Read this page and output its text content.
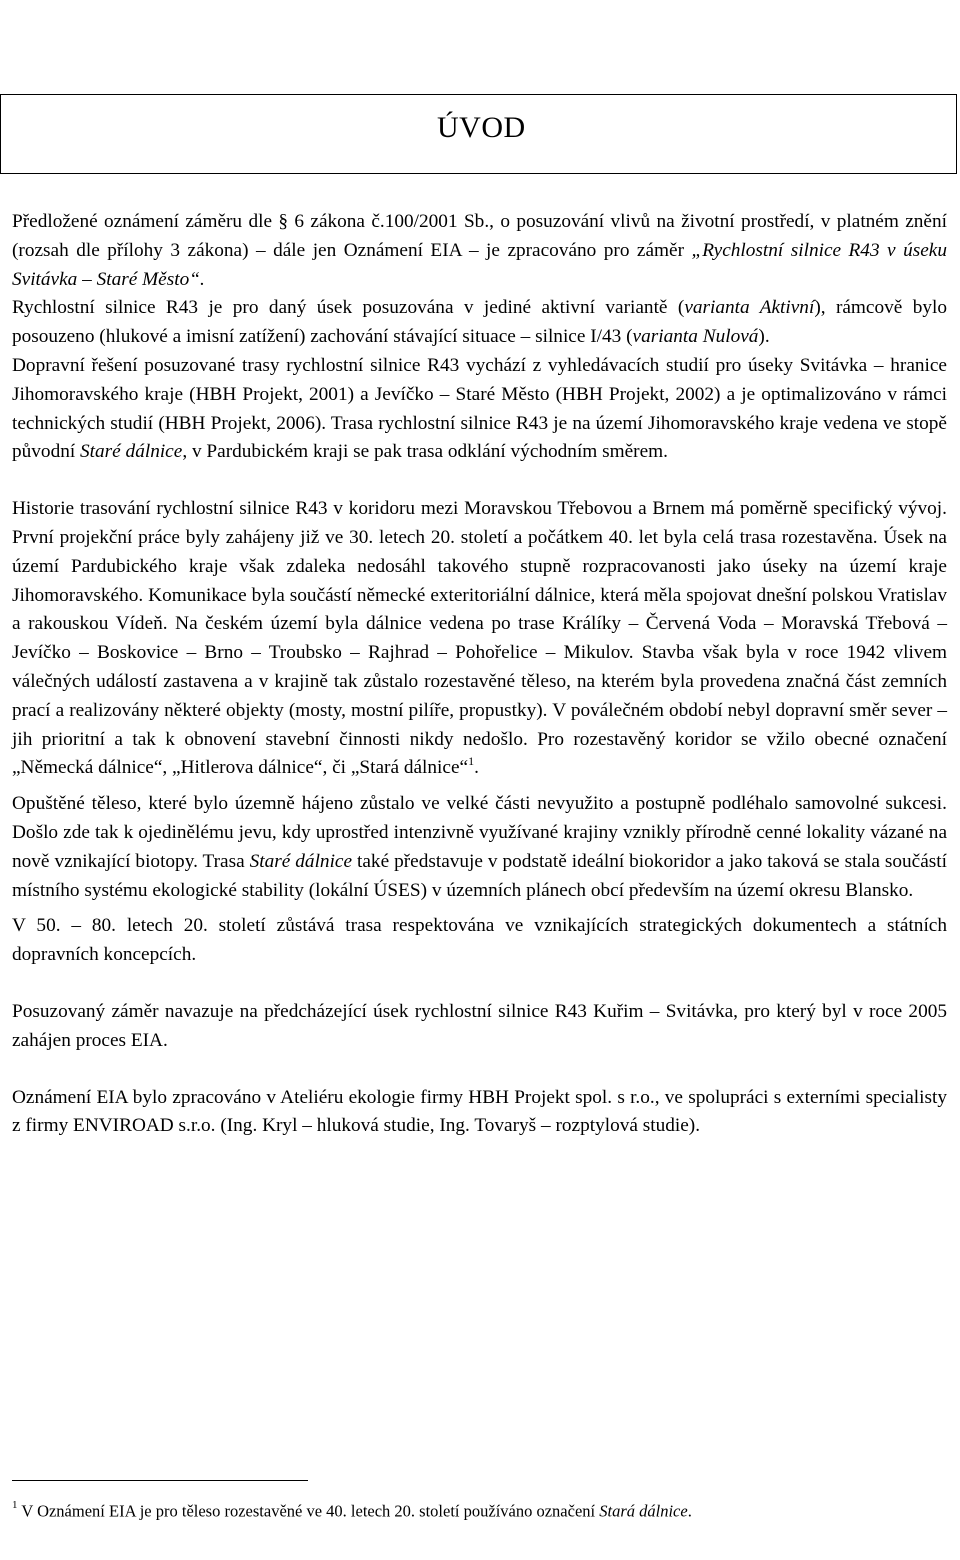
Rychlostní silnice R43 v úseku Svitávka – Staré Město
Oznámení dle § 6 zákona č.100/2001 Sb., o posuzování vlivů na životní prostředí
ÚVOD

Předložené oznámení záměru dle § 6 zákona č.100/2001 Sb., o posuzování vlivů na životní prostředí, v platném znění (rozsah dle přílohy 3 zákona) – dále jen Oznámení EIA – je zpracováno pro záměr „Rychlostní silnice R43 v úseku Svitávka – Staré Město“.

Rychlostní silnice R43 je pro daný úsek posuzována v jediné aktivní variantě (varianta Aktivní), rámcově bylo posouzeno (hlukové a imisní zatížení) zachování stávající situace – silnice I/43 (varianta Nulová).

Dopravní řešení posuzované trasy rychlostní silnice R43 vychází z vyhledávacích studií pro úseky Svitávka – hranice Jihomoravského kraje (HBH Projekt, 2001) a Jevíčko – Staré Město (HBH Projekt, 2002) a je optimalizováno v rámci technických studií (HBH Projekt, 2006). Trasa rychlostní silnice R43 je na území Jihomoravského kraje vedena ve stopě původní Staré dálnice, v Pardubickém kraji se pak trasa odklání východním směrem.

Historie trasování rychlostní silnice R43 v koridoru mezi Moravskou Třebovou a Brnem má poměrně specifický vývoj. První projekční práce byly zahájeny již ve 30. letech 20. století a počátkem 40. let byla celá trasa rozestavěna. Úsek na území Pardubického kraje však zdaleka nedosáhl takového stupně rozpracovanosti jako úseky na území kraje Jihomoravského. Komunikace byla součástí německé exteritoriální dálnice, která měla spojovat dnešní polskou Vratislav a rakouskou Vídeň. Na českém území byla dálnice vedena po trase Králíky – Červená Voda – Moravská Třebová – Jevíčko – Boskovice – Brno – Troubsko – Rajhrad – Pohořelice – Mikulov. Stavba však byla v roce 1942 vlivem válečných událostí zastavena a v krajině tak zůstalo rozestavěné těleso, na kterém byla provedena značná část zemních prací a realizovány některé objekty (mosty, mostní pilíře, propustky). V poválečném období nebyl dopravní směr sever – jih prioritní a tak k obnovení stavební činnosti nikdy nedošlo. Pro rozestavěný koridor se vžilo obecné označení „Německá dálnice“, „Hitlerova dálnice“, či „Stará dálnice“$^1$.

Opuštěné těleso, které bylo územně hájeno zůstalo ve velké části nevyužito a postupně podléhalo samovolné sukcesi. Došlo zde tak k ojedinělému jevu, kdy uprostřed intenzivně využívané krajiny vznikly přírodně cenné lokality vázané na nově vznikající biotopy. Trasa Staré dálnice také představuje v podstatě ideální biokoridor a jako taková se stala součástí místního systému ekologické stability (lokální ÚSES) v územních plánech obcí především na území okresu Blansko.

V 50. – 80. letech 20. století zůstává trasa respektována ve vznikajících strategických dokumentech a státních dopravních koncepcích.

Posuzovaný záměr navazuje na předcházející úsek rychlostní silnice R43 Kuřim – Svitávka, pro který byl v roce 2005 zahájen proces EIA.

Oznámení EIA bylo zpracováno v Ateliéru ekologie firmy HBH Projekt spol. s r.o., ve spolupráci s externími specialisty z firmy ENVIROAD s.r.o. (Ing. Kryl – hluková studie, Ing. Tovaryš – rozptylová studie).

$^1$ V Oznámení EIA je pro těleso rozestavěné ve 40. letech 20. století používáno označení Stará dálnice.
HBH Projekt spol. s r. o.	5	Brno, říjen 2006
